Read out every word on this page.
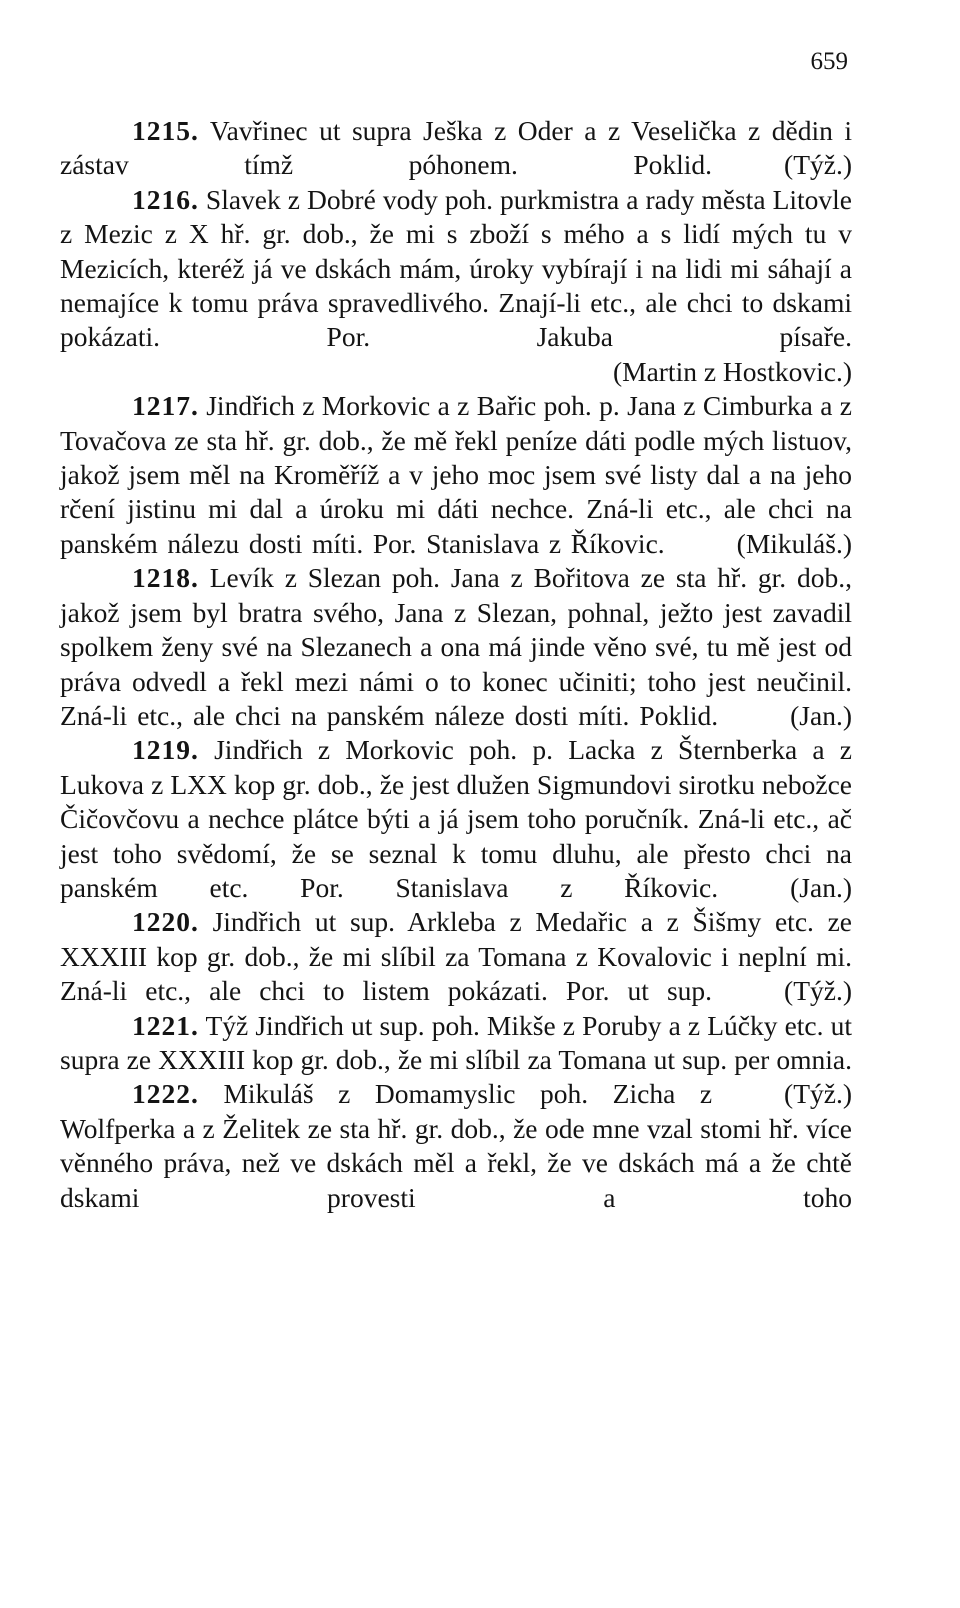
659

1215. Vavřinec ut supra Ješka z Oder a z Veselička z dědin i zástav tímž póhonem. Poklid.	(Týž.)
1216. Slavek z Dobré vody poh. purkmistra a rady města Litovle z Mezic z X hř. gr. dob., že mi s zboží s mého a s lidí mých tu v Mezicích, kteréž já ve dskách mám, úroky vybírají i na lidi mi sáhají a nemajíce k tomu práva spravedlivého. Znají-li etc., ale chci to dskami pokázati. Por. Jakuba písaře.

(Martin z Hostkovic.)

1217. Jindřich z Morkovic a z Bařic poh. p. Jana z Cimburka a z Tovačova ze sta hř. gr. dob., že mě řekl peníze dáti podle mých listuov, jakož jsem měl na Kroměříž a v jeho moc jsem své listy dal a na jeho rčení jistinu mi dal a úroku mi dáti nechce. Zná-li etc., ale chci na panském nálezu dosti míti. Por. Stanislava z Říkovic.	(Mikuláš.)
1218. Levík z Slezan poh. Jana z Bořitova ze sta hř. gr. dob., jakož jsem byl bratra svého, Jana z Slezan, pohnal, ježto jest zavadil spolkem ženy své na Slezanech a ona má jinde věno své, tu mě jest od práva odvedl a řekl mezi námi o to konec učiniti; toho jest neučinil. Zná-li etc., ale chci na panském náleze dosti míti. Poklid.	(Jan.)
1219. Jindřich z Morkovic poh. p. Lacka z Šternberka a z Lukova z LXX kop gr. dob., že jest dlužen Sigmundovi sirotku nebožce Čičovčovu a nechce plátce býti a já jsem toho poručník. Zná-li etc., ač jest toho svědomí, že se seznal k tomu dluhu, ale přesto chci na panském etc. Por. Stanislava z Říkovic.	(Jan.)
1220. Jindřich ut sup. Arkleba z Medařic a z Šišmy etc. ze XXXIII kop gr. dob., že mi slíbil za Tomana z Kovalovic i neplní mi. Zná-li etc., ale chci to listem pokázati. Por. ut sup.	(Týž.)
1221. Týž Jindřich ut sup. poh. Mikše z Poruby a z Lúčky etc. ut supra ze XXXIII kop gr. dob., že mi slíbil za Tomana ut sup. per omnia.
(Týž.)
1222. Mikuláš z Domamyslic poh. Zicha z Wolfperka a z Želitek ze sta hř. gr. dob., že ode mne vzal stomi hř. více věnného práva, než ve dskách měl a řekl, že ve dskách má a že chtě dskami provesti a toho
